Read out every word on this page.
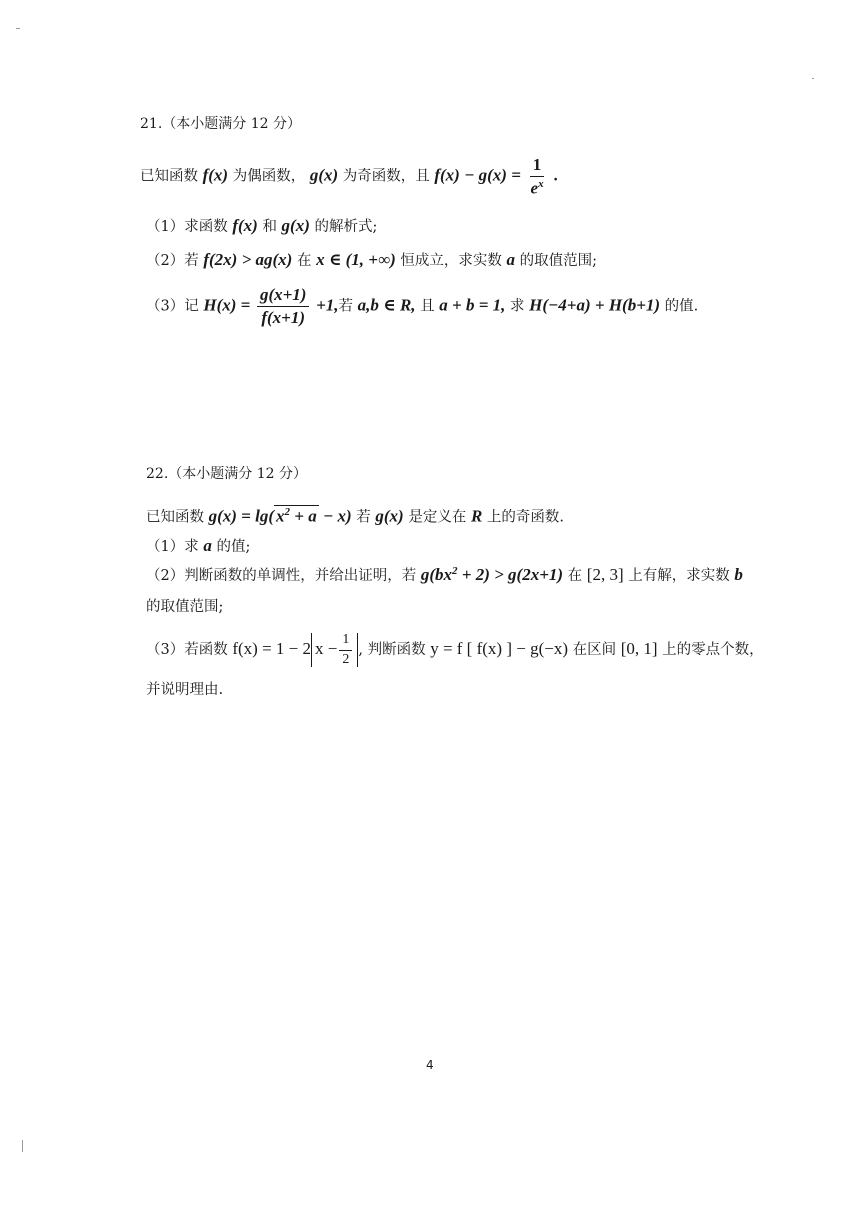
21.（本小题满分 12 分）
已知函数 f(x) 为偶函数， g(x) 为奇函数，且 $f(x) - g(x) = \frac{1}{e^x}$ .
（1）求函数 f(x) 和 g(x) 的解析式;
（2）若 f(2x) > ag(x) 在 x ∈ (1, +∞) 恒成立，求实数 a 的取值范围;
（3）记 $H(x) = \frac{g(x+1)}{f(x+1)} +1$,若 a,b ∈ R, 且 a + b = 1, 求 H(−4+a) + H(b+1) 的值.
22.（本小题满分 12 分）
已知函数 g(x) = lg( $x^2 + a - x$) 若 g(x) 是定义在 R 上的奇函数.
（1）求 a 的值;
（2）判断函数的单调性，并给出证明，若 $g(bx^2 + 2) > g(2x+1)$ 在 [2, 3] 上有解，求实数 b
的取值范围;
（3）若函数 f(x) = 1 − 2 $x - \frac{1}{2}$ , 判断函数 y = f [ f(x) ] − g(−x) 在区间 [0, 1] 上的零点个数，
并说明理由.
4
